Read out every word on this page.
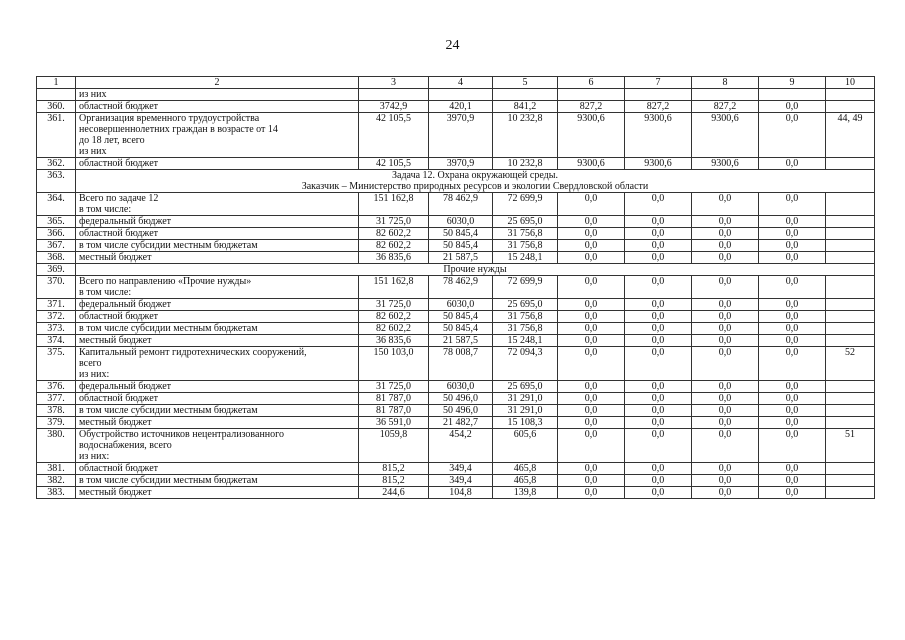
24
1	2	3	4	5	6	7	8	9	10

	из них								

360.	областной бюджет	3742,9	420,1	841,2	827,2	827,2	827,2	0,0	
361.	Организация временного трудоустройства
несовершеннолетних граждан в возрасте от 14
до 18 лет, всего
из них	42 105,5	3970,9	10 232,8	9300,6	9300,6	9300,6	0,0	44, 49
362.	областной бюджет	42 105,5	3970,9	10 232,8	9300,6	9300,6	9300,6	0,0	
363.	Задача 12. Охрана окружающей среды.
Заказчик – Министерство природных ресурсов и экологии Свердловской области								

364.	Всего по задаче 12
в том числе:	151 162,8	78 462,9	72 699,9	0,0	0,0	0,0	0,0	
365.	федеральный бюджет	31 725,0	6030,0	25 695,0	0,0	0,0	0,0	0,0	
366.	областной бюджет	82 602,2	50 845,4	31 756,8	0,0	0,0	0,0	0,0	
367.	в том числе субсидии местным бюджетам	82 602,2	50 845,4	31 756,8	0,0	0,0	0,0	0,0	
368.	местный бюджет	36 835,6	21 587,5	15 248,1	0,0	0,0	0,0	0,0	
369.	Прочие нужды								

370.	Всего по направлению «Прочие нужды»
в том числе:	151 162,8	78 462,9	72 699,9	0,0	0,0	0,0	0,0	
371.	федеральный бюджет	31 725,0	6030,0	25 695,0	0,0	0,0	0,0	0,0	
372.	областной бюджет	82 602,2	50 845,4	31 756,8	0,0	0,0	0,0	0,0	
373.	в том числе субсидии местным бюджетам	82 602,2	50 845,4	31 756,8	0,0	0,0	0,0	0,0	
374.	местный бюджет	36 835,6	21 587,5	15 248,1	0,0	0,0	0,0	0,0	
375.	Капитальный ремонт гидротехнических сооружений,
всего
из них:	150 103,0	78 008,7	72 094,3	0,0	0,0	0,0	0,0	52
376.	федеральный бюджет	31 725,0	6030,0	25 695,0	0,0	0,0	0,0	0,0	
377.	областной бюджет	81 787,0	50 496,0	31 291,0	0,0	0,0	0,0	0,0	
378.	в том числе субсидии местным бюджетам	81 787,0	50 496,0	31 291,0	0,0	0,0	0,0	0,0	
379.	местный бюджет	36 591,0	21 482,7	15 108,3	0,0	0,0	0,0	0,0	
380.	Обустройство источников нецентрализованного
водоснабжения, всего
из них:	1059,8	454,2	605,6	0,0	0,0	0,0	0,0	51
381.	областной бюджет	815,2	349,4	465,8	0,0	0,0	0,0	0,0	
382.	в том числе субсидии местным бюджетам	815,2	349,4	465,8	0,0	0,0	0,0	0,0	
383.	местный бюджет	244,6	104,8	139,8	0,0	0,0	0,0	0,0	
